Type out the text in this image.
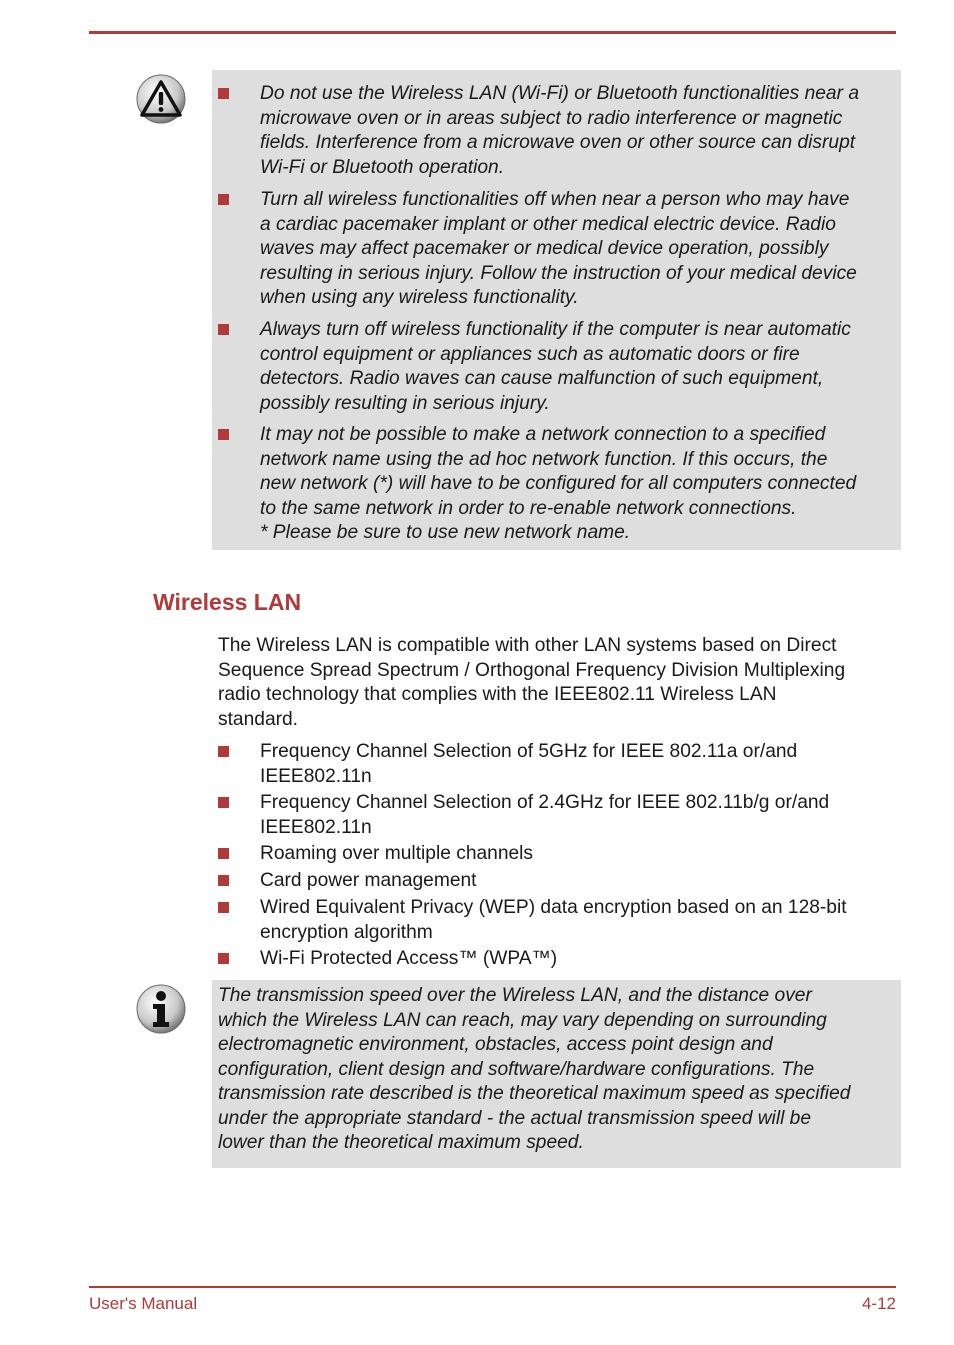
Do not use the Wireless LAN (Wi-Fi) or Bluetooth functionalities near a
microwave oven or in areas subject to radio interference or magnetic
fields. Interference from a microwave oven or other source can disrupt
Wi-Fi or Bluetooth operation.
Turn all wireless functionalities off when near a person who may have
a cardiac pacemaker implant or other medical electric device. Radio
waves may affect pacemaker or medical device operation, possibly
resulting in serious injury. Follow the instruction of your medical device
when using any wireless functionality.
Always turn off wireless functionality if the computer is near automatic
control equipment or appliances such as automatic doors or fire
detectors. Radio waves can cause malfunction of such equipment,
possibly resulting in serious injury.
It may not be possible to make a network connection to a specified
network name using the ad hoc network function. If this occurs, the
new network (*) will have to be configured for all computers connected
to the same network in order to re-enable network connections.
* Please be sure to use new network name.
Wireless LAN

The Wireless LAN is compatible with other LAN systems based on Direct
Sequence Spread Spectrum / Orthogonal Frequency Division Multiplexing
radio technology that complies with the IEEE802.11 Wireless LAN
standard.

Frequency Channel Selection of 5GHz for IEEE 802.11a or/and
IEEE802.11n
Frequency Channel Selection of 2.4GHz for IEEE 802.11b/g or/and
IEEE802.11n
Roaming over multiple channels
Card power management
Wired Equivalent Privacy (WEP) data encryption based on an 128-bit
encryption algorithm
Wi-Fi Protected Access™ (WPA™)

The transmission speed over the Wireless LAN, and the distance over
which the Wireless LAN can reach, may vary depending on surrounding
electromagnetic environment, obstacles, access point design and
configuration, client design and software/hardware configurations. The
transmission rate described is the theoretical maximum speed as specified
under the appropriate standard - the actual transmission speed will be
lower than the theoretical maximum speed.

User's Manual	4-12
